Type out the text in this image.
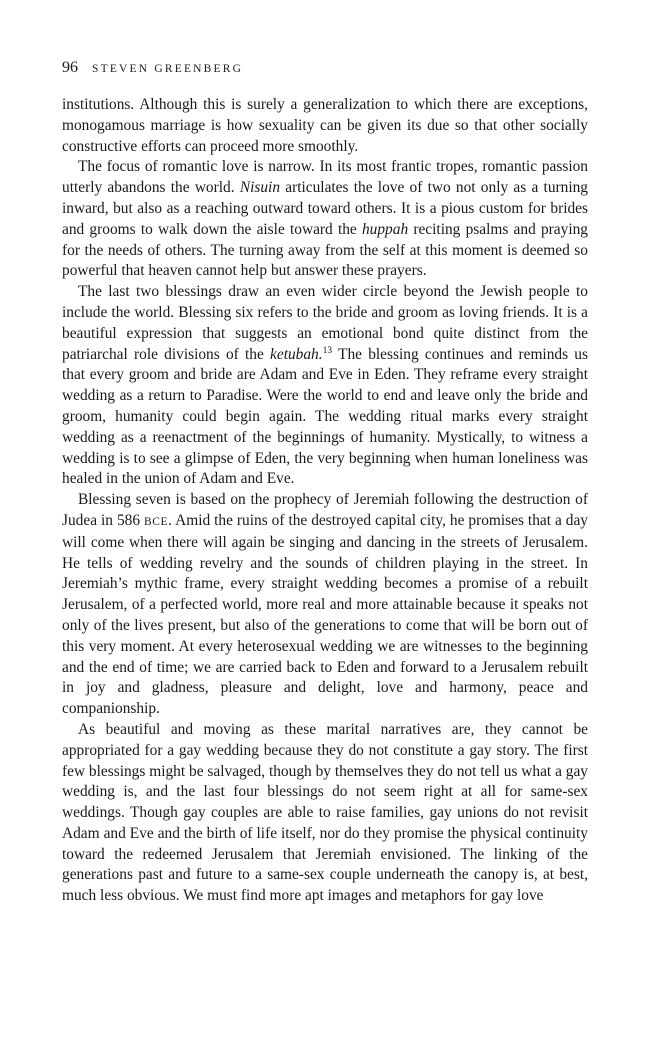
96 STEVEN GREENBERG

institutions. Although this is surely a generalization to which there are exceptions, monogamous marriage is how sexuality can be given its due so that other socially constructive efforts can proceed more smoothly.

The focus of romantic love is narrow. In its most frantic tropes, romantic passion utterly abandons the world. Nisuin articulates the love of two not only as a turning inward, but also as a reaching outward toward others. It is a pious custom for brides and grooms to walk down the aisle toward the huppah reciting psalms and praying for the needs of others. The turning away from the self at this moment is deemed so powerful that heaven cannot help but answer these prayers.

The last two blessings draw an even wider circle beyond the Jewish people to include the world. Blessing six refers to the bride and groom as loving friends. It is a beautiful expression that suggests an emotional bond quite distinct from the patriarchal role divisions of the ketubah.$^{13}$ The blessing continues and reminds us that every groom and bride are Adam and Eve in Eden. They reframe every straight wedding as a return to Paradise. Were the world to end and leave only the bride and groom, humanity could begin again. The wedding ritual marks every straight wedding as a reenactment of the beginnings of humanity. Mystically, to witness a wedding is to see a glimpse of Eden, the very beginning when human loneliness was healed in the union of Adam and Eve.

Blessing seven is based on the prophecy of Jeremiah following the destruction of Judea in 586 BCE. Amid the ruins of the destroyed capital city, he promises that a day will come when there will again be singing and dancing in the streets of Jerusalem. He tells of wedding revelry and the sounds of children playing in the street. In Jeremiah’s mythic frame, every straight wedding becomes a promise of a rebuilt Jerusalem, of a perfected world, more real and more attainable because it speaks not only of the lives present, but also of the generations to come that will be born out of this very moment. At every heterosexual wedding we are witnesses to the beginning and the end of time; we are carried back to Eden and forward to a Jerusalem rebuilt in joy and gladness, pleasure and delight, love and harmony, peace and companionship.

As beautiful and moving as these marital narratives are, they cannot be appropriated for a gay wedding because they do not constitute a gay story. The first few blessings might be salvaged, though by themselves they do not tell us what a gay wedding is, and the last four blessings do not seem right at all for same-sex weddings. Though gay couples are able to raise families, gay unions do not revisit Adam and Eve and the birth of life itself, nor do they promise the physical continuity toward the redeemed Jerusalem that Jeremiah envisioned. The linking of the generations past and future to a same-sex couple underneath the canopy is, at best, much less obvious. We must find more apt images and metaphors for gay love
